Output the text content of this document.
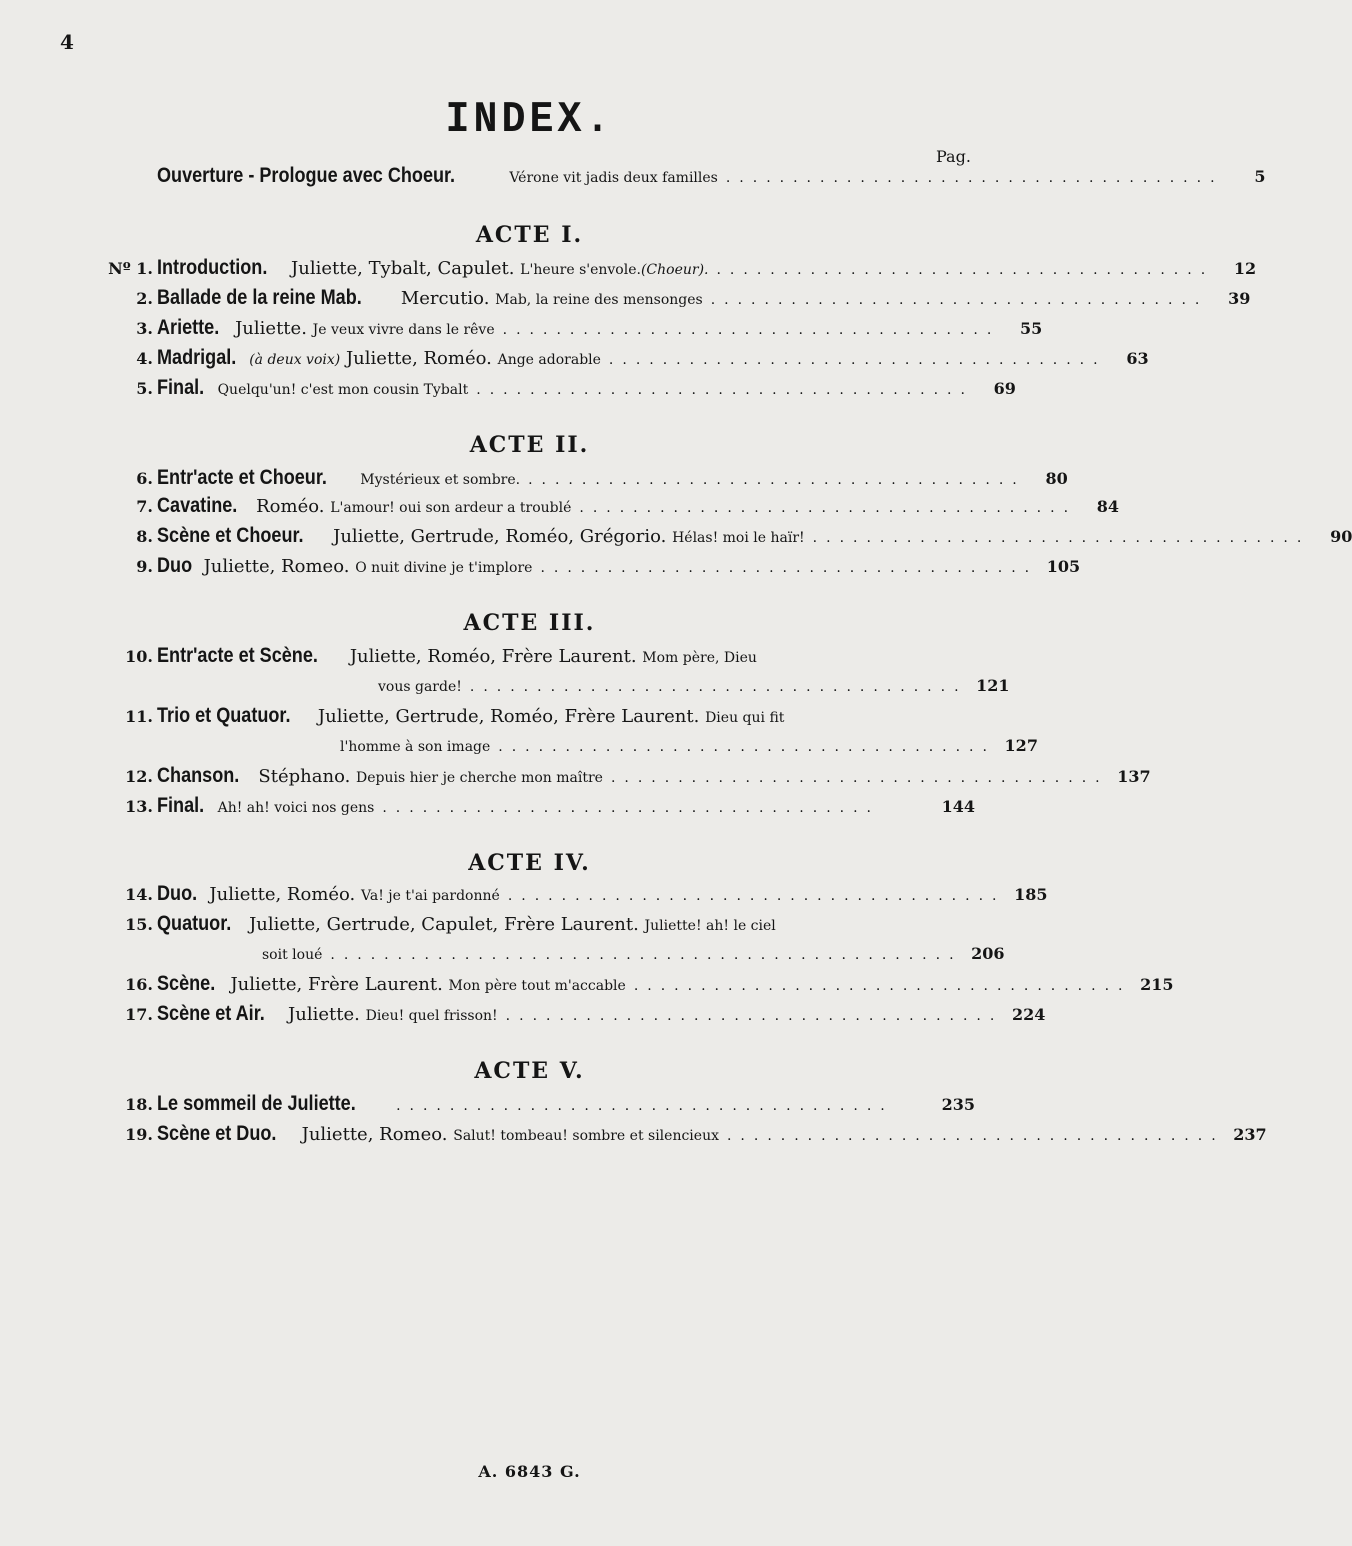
4
INDEX.
Pag.
Ouverture - Prologue avec Choeur.	Vérone vit jadis deux familles .....................................	5
ACTE I.
Nº 1. Introduction. Juliette, Tybalt, Capulet. L'heure s'envole.(Choeur). .....................................	12
2. Ballade de la reine Mab. Mercutio. Mab, la reine des mensonges .....................................	39
3. Ariette. Juliette. Je veux vivre dans le rêve .....................................	55
4. Madrigal. (à deux voix) Juliette, Roméo. Ange adorable .....................................	63
5. Final. Quelqu'un! c'est mon cousin Tybalt .....................................	69
ACTE II.
6. Entr'acte et Choeur. Mystérieux et sombre. .....................................	80
7. Cavatine. Roméo. L'amour! oui son ardeur a troublé .....................................	84
8. Scène et Choeur. Juliette, Gertrude, Roméo, Grégorio. Hélas! moi le haïr! .....................................	90
9. Duo Juliette, Romeo. O nuit divine je t'implore ..................................... 105
ACTE III.
10. Entr'acte et Scène. Juliette, Roméo, Frère Laurent. Mom père, Dieu
vous garde! ..................................... 121
11. Trio et Quatuor. Juliette, Gertrude, Roméo, Frère Laurent. Dieu qui fit
l'homme à son image ..................................... 127
12. Chanson. Stéphano. Depuis hier je cherche mon maître ..................................... 137
13. Final. Ah! ah! voici nos gens .....................................	144
ACTE IV.
14. Duo. Juliette, Roméo. Va! je t'ai pardonné ..................................... 185
15. Quatuor. Juliette, Gertrude, Capulet, Frère Laurent. Juliette! ah! le ciel
soit loué ............................................... 206
16. Scène. Juliette, Frère Laurent. Mon père tout m'accable ..................................... 215
17. Scène et Air. Juliette. Dieu! quel frisson! ..................................... 224
ACTE V.
18. Le sommeil de Juliette.	.....................................	235
19. Scène et Duo. Juliette, Romeo. Salut! tombeau! sombre et silencieux ..................................... 237
A. 6843 G.
